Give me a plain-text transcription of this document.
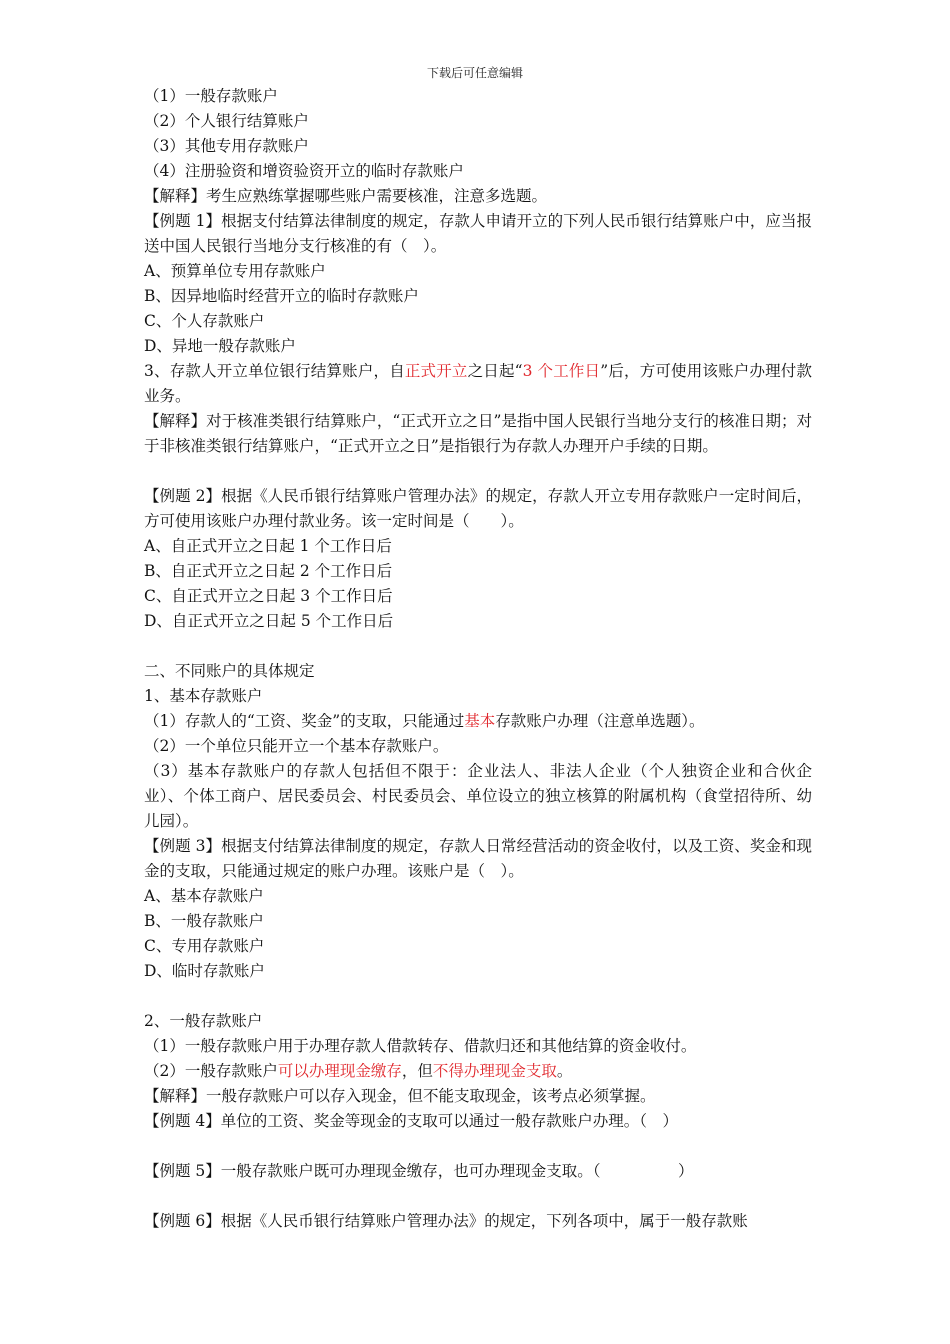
下载后可任意编辑

（1）一般存款账户

（2）个人银行结算账户

（3）其他专用存款账户

（4）注册验资和增资验资开立的临时存款账户

【解释】考生应熟练掌握哪些账户需要核准，注意多选题。

【例题 1】根据支付结算法律制度的规定，存款人申请开立的下列人民币银行结算账户中，应当报送中国人民银行当地分支行核准的有（　）。

A、预算单位专用存款账户

B、因异地临时经营开立的临时存款账户

C、个人存款账户

D、异地一般存款账户

3、存款人开立单位银行结算账户，自正式开立之日起“3 个工作日”后，方可使用该账户办理付款业务。

【解释】对于核准类银行结算账户，“正式开立之日”是指中国人民银行当地分支行的核准日期；对于非核准类银行结算账户，“正式开立之日”是指银行为存款人办理开户手续的日期。

【例题 2】根据《人民币银行结算账户管理办法》的规定，存款人开立专用存款账户一定时间后，方可使用该账户办理付款业务。该一定时间是（　　）。

A、自正式开立之日起 1 个工作日后

B、自正式开立之日起 2 个工作日后

C、自正式开立之日起 3 个工作日后

D、自正式开立之日起 5 个工作日后

二、不同账户的具体规定

1、基本存款账户

（1）存款人的“工资、奖金”的支取，只能通过基本存款账户办理（注意单选题）。

（2）一个单位只能开立一个基本存款账户。

（3）基本存款账户的存款人包括但不限于：企业法人、非法人企业（个人独资企业和合伙企业）、个体工商户、居民委员会、村民委员会、单位设立的独立核算的附属机构（食堂招待所、幼儿园）。

【例题 3】根据支付结算法律制度的规定，存款人日常经营活动的资金收付，以及工资、奖金和现金的支取，只能通过规定的账户办理。该账户是（　）。

A、基本存款账户

B、一般存款账户

C、专用存款账户

D、临时存款账户

2、一般存款账户

（1）一般存款账户用于办理存款人借款转存、借款归还和其他结算的资金收付。

（2）一般存款账户可以办理现金缴存，但不得办理现金支取。

【解释】一般存款账户可以存入现金，但不能支取现金，该考点必须掌握。

【例题 4】单位的工资、奖金等现金的支取可以通过一般存款账户办理。（　）

【例题 5】一般存款账户既可办理现金缴存，也可办理现金支取。（　　　　　）

【例题 6】根据《人民币银行结算账户管理办法》的规定，下列各项中，属于一般存款账
